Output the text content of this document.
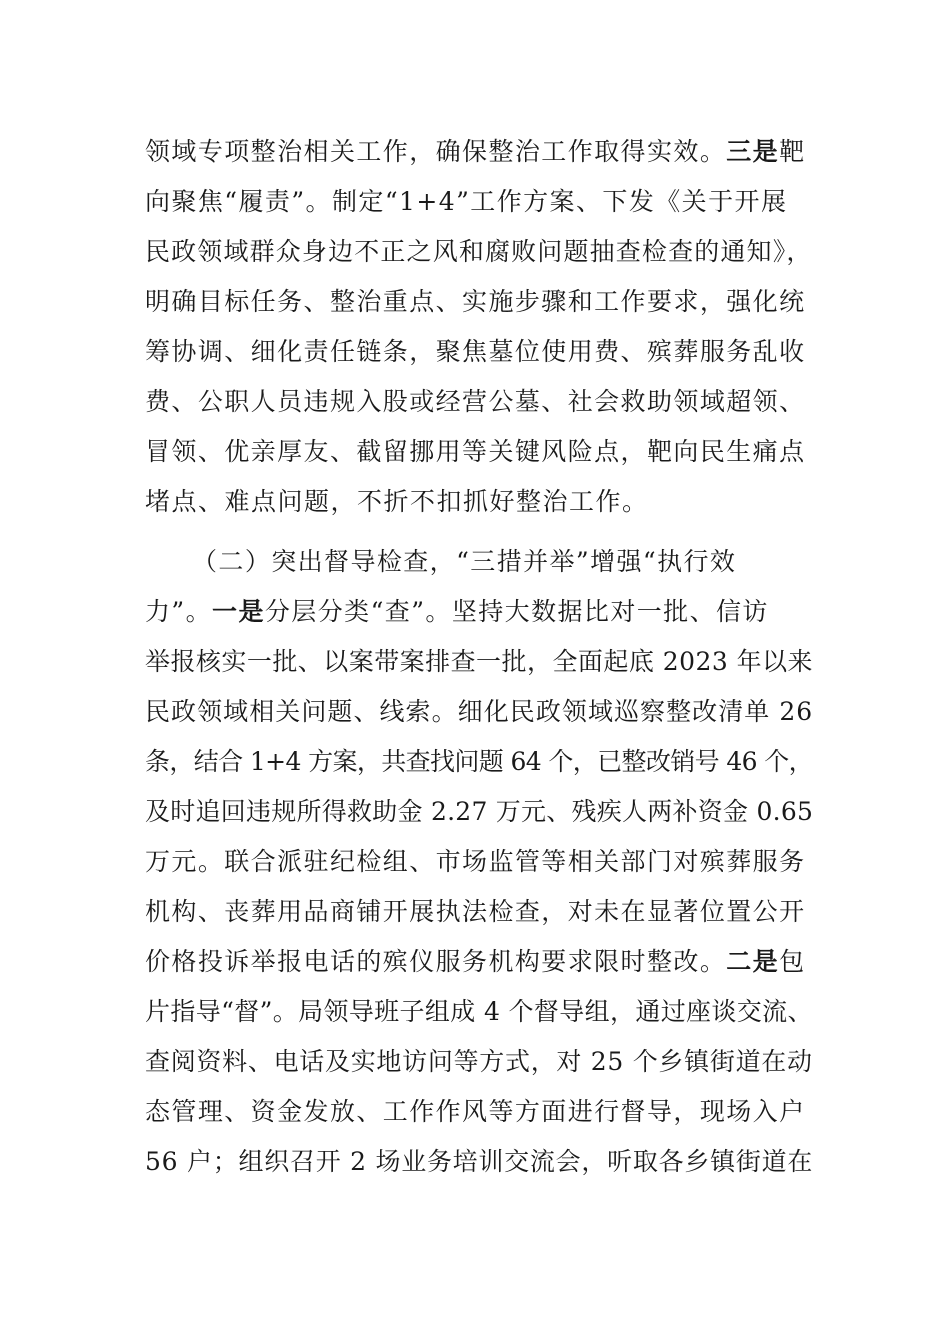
领域专项整治相关工作，确保整治工作取得实效。三是靶
向聚焦“履责”。制定“1+4”工作方案、下发《关于开展
民政领域群众身边不正之风和腐败问题抽查检查的通知》，
明确目标任务、整治重点、实施步骤和工作要求，强化统
筹协调、细化责任链条，聚焦墓位使用费、殡葬服务乱收
费、公职人员违规入股或经营公墓、社会救助领域超领、
冒领、优亲厚友、截留挪用等关键风险点，靶向民生痛点
堵点、难点问题，不折不扣抓好整治工作。
（二）突出督导检查，“三措并举”增强“执行效
力”。一是分层分类“查”。坚持大数据比对一批、信访
举报核实一批、以案带案排查一批，全面起底 2023 年以来
民政领域相关问题、线索。细化民政领域巡察整改清单 26
条，结合 1+4 方案，共查找问题 64 个，已整改销号 46 个，
及时追回违规所得救助金 2.27 万元、残疾人两补资金 0.65
万元。联合派驻纪检组、市场监管等相关部门对殡葬服务
机构、丧葬用品商铺开展执法检查，对未在显著位置公开
价格投诉举报电话的殡仪服务机构要求限时整改。二是包
片指导“督”。局领导班子组成 4 个督导组，通过座谈交流、
查阅资料、电话及实地访问等方式，对 25 个乡镇街道在动
态管理、资金发放、工作作风等方面进行督导，现场入户
56 户；组织召开 2 场业务培训交流会，听取各乡镇街道在
